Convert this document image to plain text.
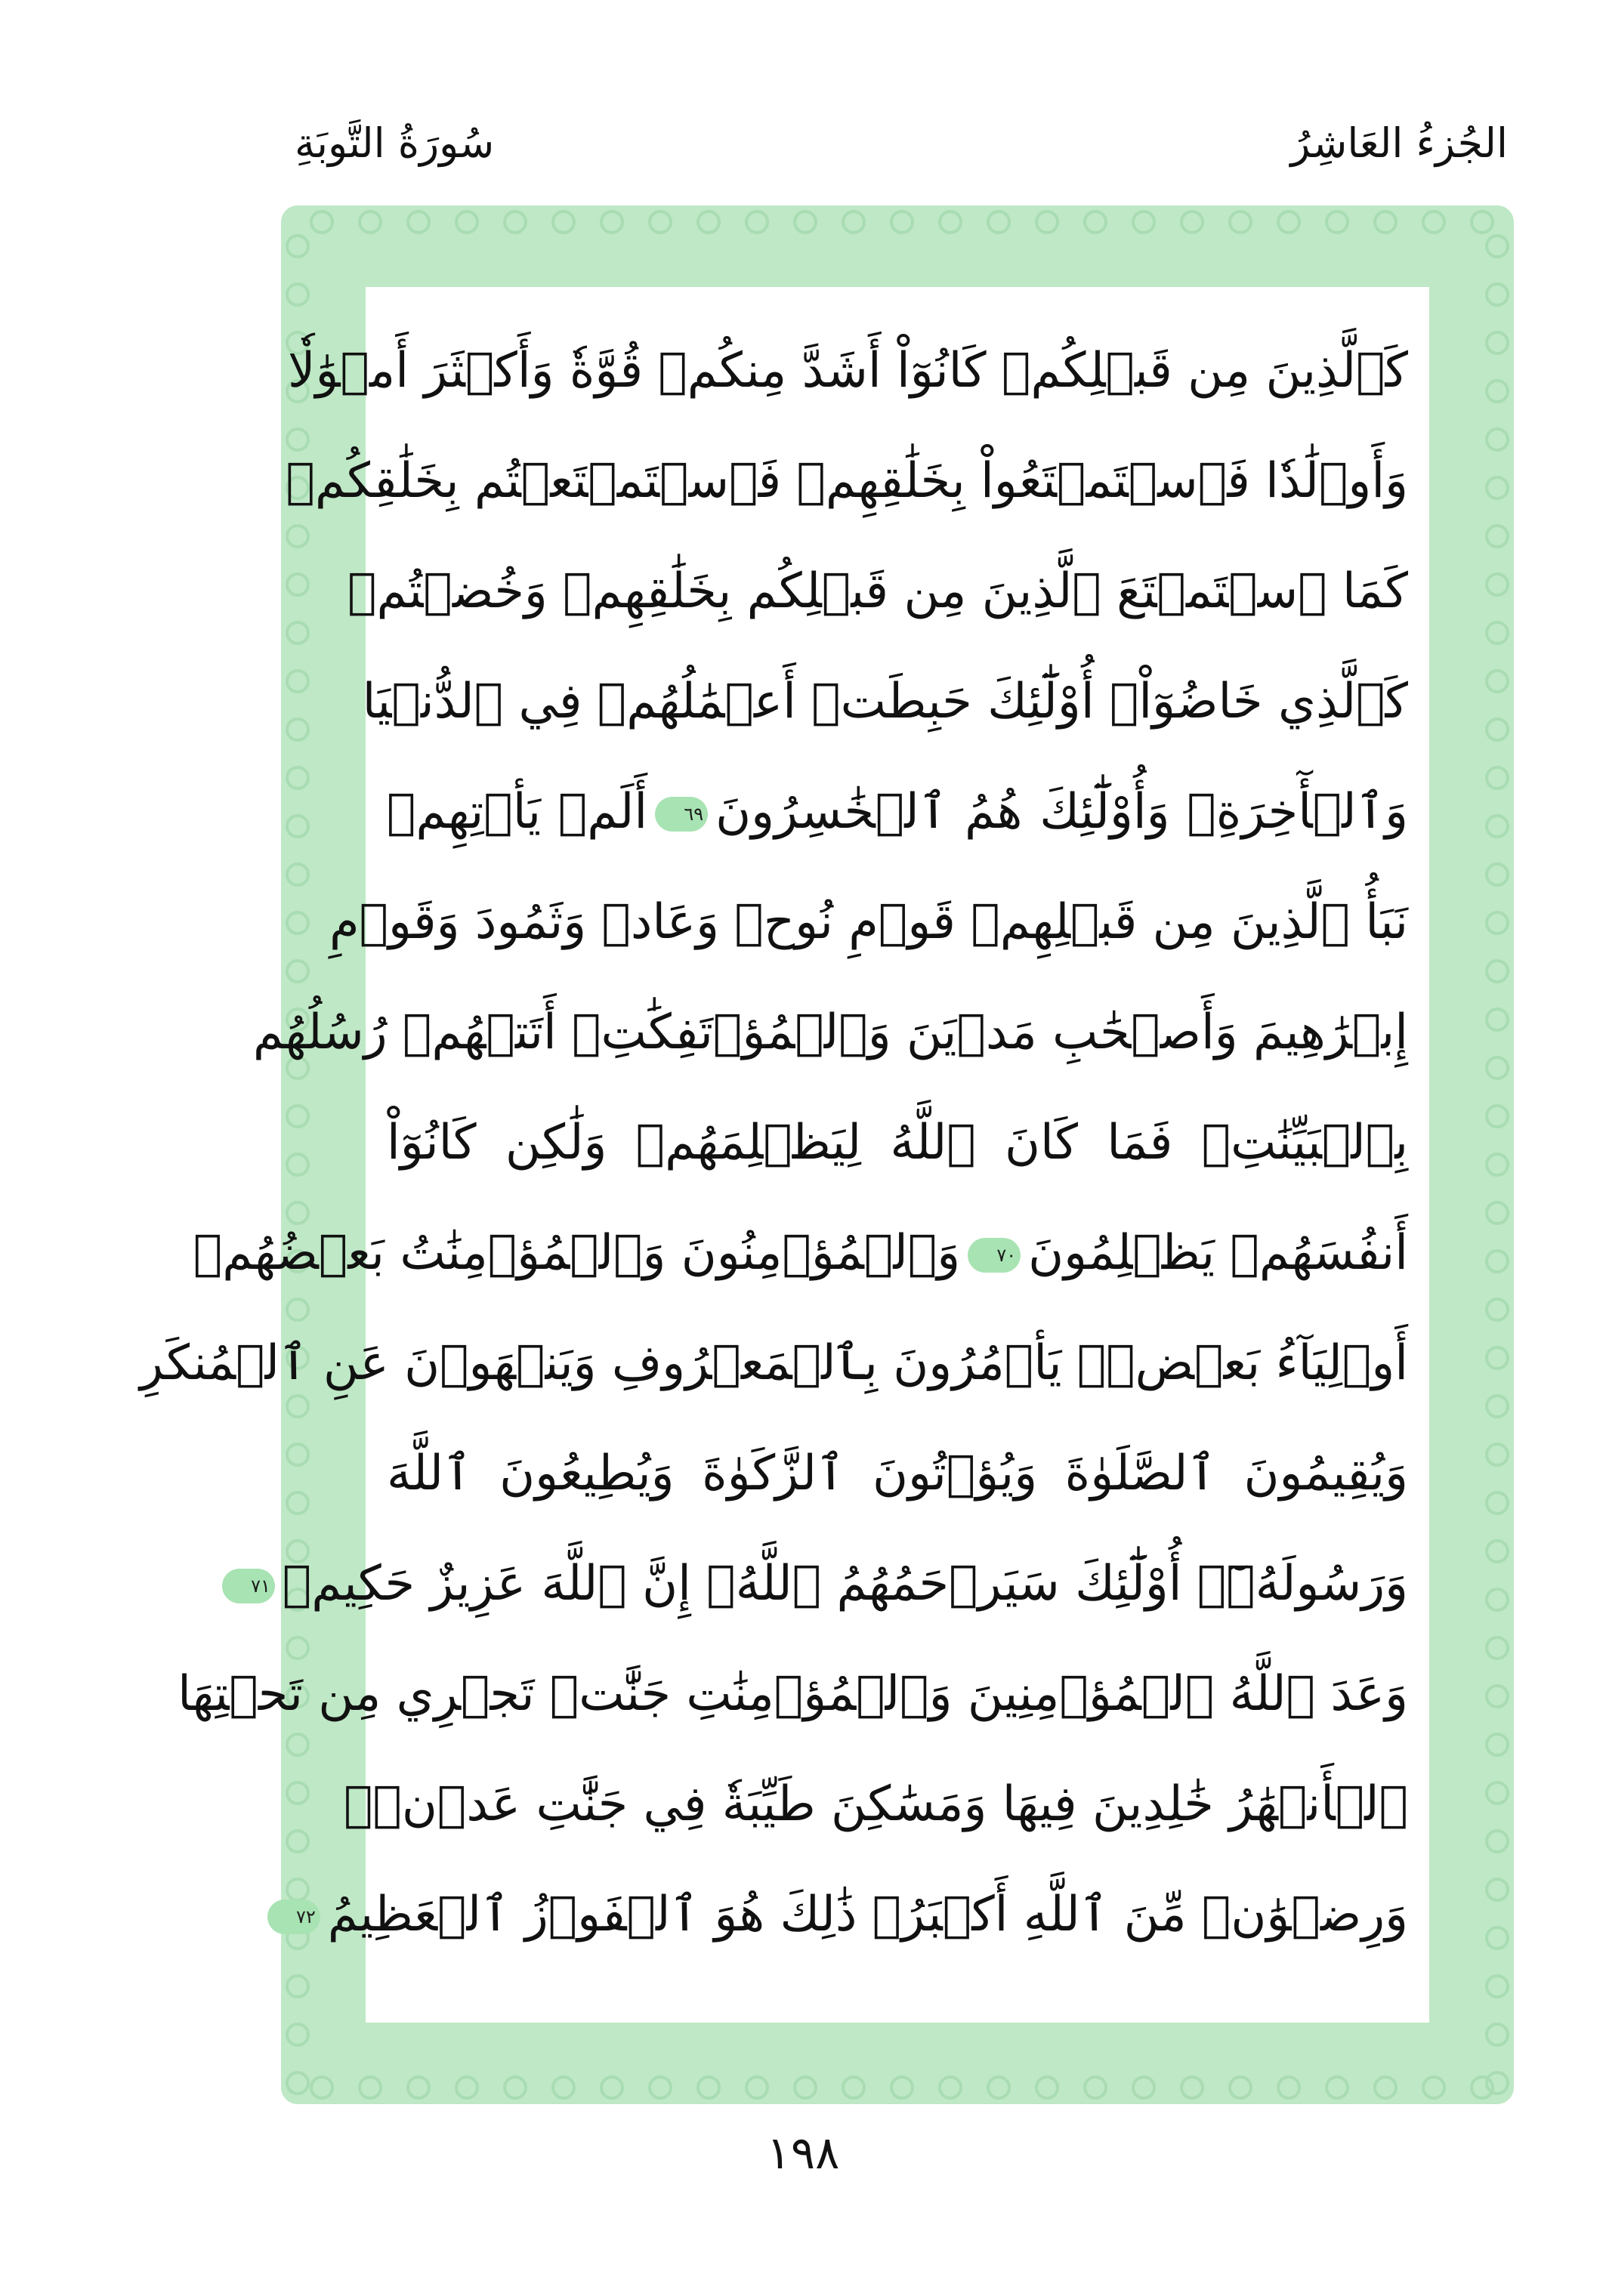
الجُزءُ العَاشِرُ
سُورَةُ التَّوبَةِ
كَٱلَّذِينَ مِن قَبۡلِكُمۡ كَانُوٓاْ أَشَدَّ مِنكُمۡ قُوَّةٗ وَأَكۡثَرَ أَمۡوَٰلٗا
وَأَوۡلَٰدٗا فَٱسۡتَمۡتَعُواْ بِخَلَٰقِهِمۡ فَٱسۡتَمۡتَعۡتُم بِخَلَٰقِكُمۡ
كَمَا ٱسۡتَمۡتَعَ ٱلَّذِينَ مِن قَبۡلِكُم بِخَلَٰقِهِمۡ وَخُضۡتُمۡ
كَٱلَّذِي خَاضُوٓاْۚ أُوْلَٰٓئِكَ حَبِطَتۡ أَعۡمَٰلُهُمۡ فِي ٱلدُّنۡيَا
وَٱلۡأٓخِرَةِۖ وَأُوْلَٰٓئِكَ هُمُ ٱلۡخَٰسِرُونَ٦٩أَلَمۡ يَأۡتِهِمۡ
نَبَأُ ٱلَّذِينَ مِن قَبۡلِهِمۡ قَوۡمِ نُوحٖ وَعَادٖ وَثَمُودَ وَقَوۡمِ
إِبۡرَٰهِيمَ وَأَصۡحَٰبِ مَدۡيَنَ وَٱلۡمُؤۡتَفِكَٰتِۚ أَتَتۡهُمۡ رُسُلُهُم
بِٱلۡبَيِّنَٰتِۖ فَمَا كَانَ ٱللَّهُ لِيَظۡلِمَهُمۡ وَلَٰكِن كَانُوٓاْ
أَنفُسَهُمۡ يَظۡلِمُونَ٧٠وَٱلۡمُؤۡمِنُونَ وَٱلۡمُؤۡمِنَٰتُ بَعۡضُهُمۡ
أَوۡلِيَآءُ بَعۡضٖۚ يَأۡمُرُونَ بِٱلۡمَعۡرُوفِ وَيَنۡهَوۡنَ عَنِ ٱلۡمُنكَرِ
وَيُقِيمُونَ ٱلصَّلَوٰةَ وَيُؤۡتُونَ ٱلزَّكَوٰةَ وَيُطِيعُونَ ٱللَّهَ
وَرَسُولَهُۥٓۚ أُوْلَٰٓئِكَ سَيَرۡحَمُهُمُ ٱللَّهُۗ إِنَّ ٱللَّهَ عَزِيزٌ حَكِيمٞ٧١
وَعَدَ ٱللَّهُ ٱلۡمُؤۡمِنِينَ وَٱلۡمُؤۡمِنَٰتِ جَنَّٰتٖ تَجۡرِي مِن تَحۡتِهَا
ٱلۡأَنۡهَٰرُ خَٰلِدِينَ فِيهَا وَمَسَٰكِنَ طَيِّبَةٗ فِي جَنَّٰتِ عَدۡنٖۚ
وَرِضۡوَٰنٞ مِّنَ ٱللَّهِ أَكۡبَرُۚ ذَٰلِكَ هُوَ ٱلۡفَوۡزُ ٱلۡعَظِيمُ٧٢
١٩٨
